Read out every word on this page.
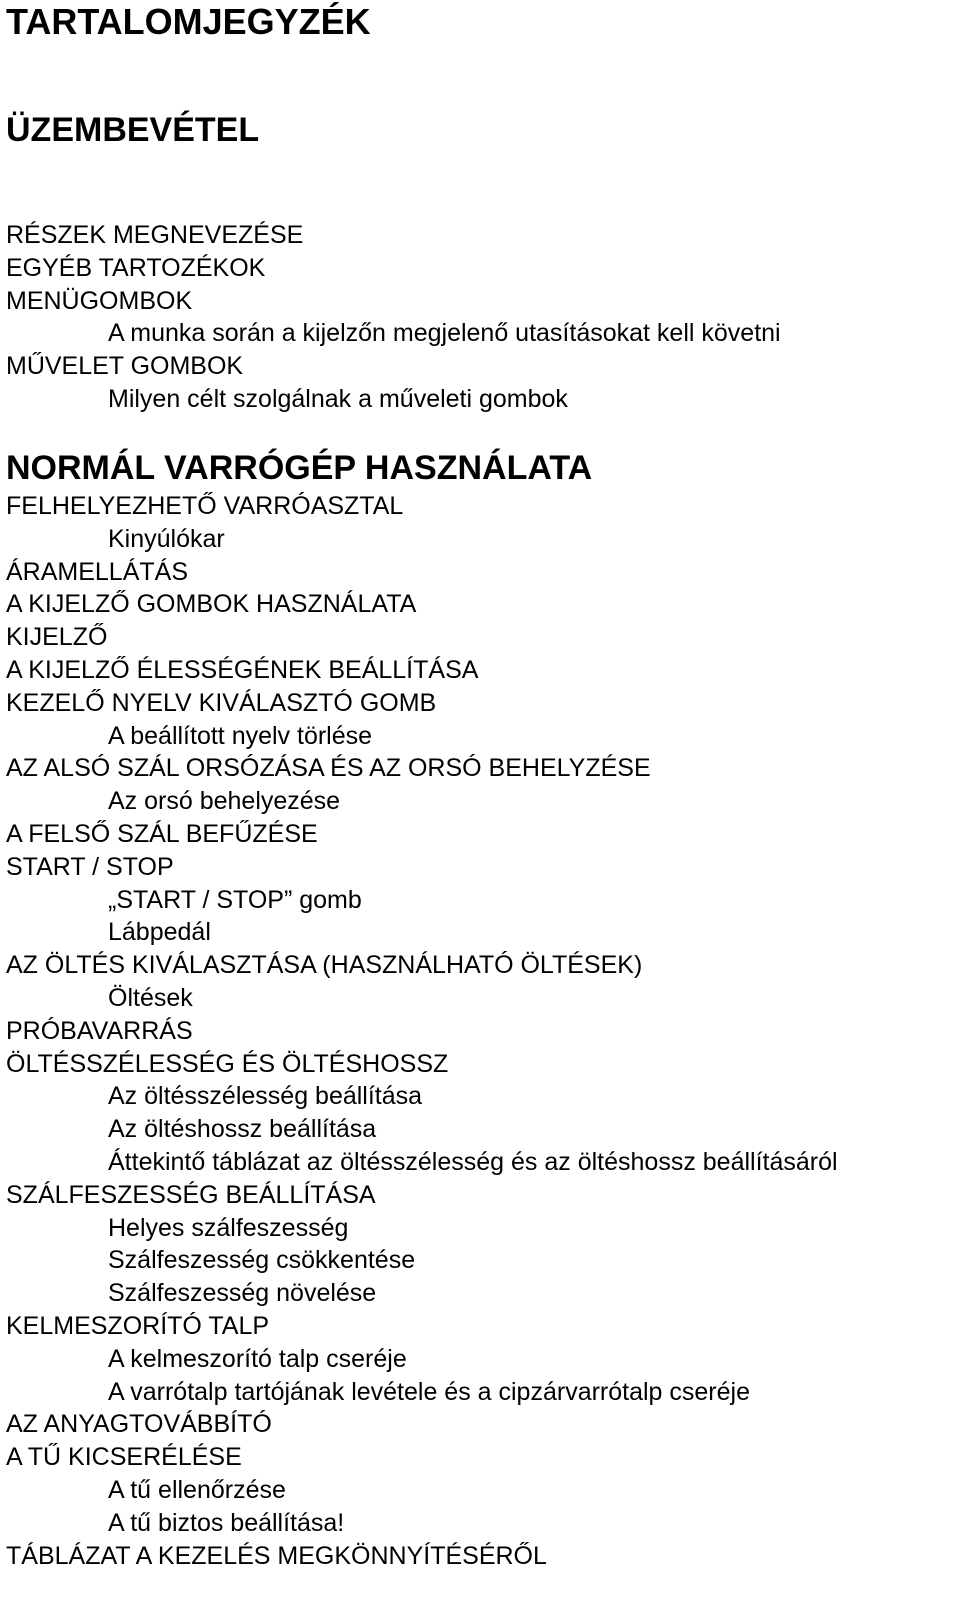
TARTALOMJEGYZÉK
ÜZEMBEVÉTEL
NORMÁL VARRÓGÉP HASZNÁLATA
RÉSZEK MEGNEVEZÉSE
EGYÉB TARTOZÉKOK
MENÜGOMBOK
A munka során a kijelzőn megjelenő utasításokat kell követni
MŰVELET GOMBOK
Milyen célt szolgálnak a műveleti gombok
FELHELYEZHETŐ VARRÓASZTAL
Kinyúlókar
ÁRAMELLÁTÁS
A KIJELZŐ GOMBOK HASZNÁLATA
KIJELZŐ
A KIJELZŐ ÉLESSÉGÉNEK BEÁLLÍTÁSA
KEZELŐ NYELV KIVÁLASZTÓ GOMB
A beállított nyelv törlése
AZ ALSÓ SZÁL ORSÓZÁSA ÉS AZ ORSÓ BEHELYZÉSE
Az orsó behelyezése
A FELSŐ SZÁL BEFŰZÉSE
START / STOP
„START / STOP” gomb
Lábpedál
AZ ÖLTÉS KIVÁLASZTÁSA (HASZNÁLHATÓ ÖLTÉSEK)
Öltések
PRÓBAVARRÁS
ÖLTÉSSZÉLESSÉG ÉS ÖLTÉSHOSSZ
Az öltésszélesség beállítása
Az öltéshossz beállítása
Áttekintő táblázat az öltésszélesség és az öltéshossz beállításáról
SZÁLFESZESSÉG BEÁLLÍTÁSA
Helyes szálfeszesség
Szálfeszesség csökkentése
Szálfeszesség növelése
KELMESZORÍTÓ TALP
A kelmeszorító talp cseréje
A varrótalp tartójának levétele és a cipzárvarrótalp cseréje
AZ ANYAGTOVÁBBÍTÓ
A TŰ KICSERÉLÉSE
A tű ellenőrzése
A tű biztos beállítása!
TÁBLÁZAT A KEZELÉS MEGKÖNNYÍTÉSÉRŐL
